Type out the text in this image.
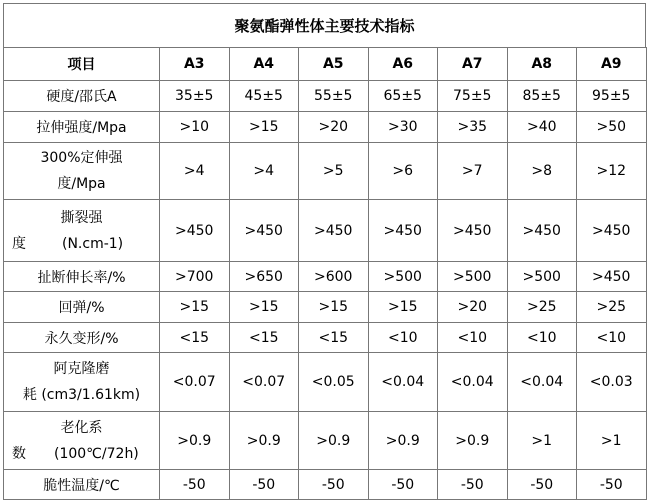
聚氨酯弹性体主要技术指标
项目	A3	A4	A5	A6	A7	A8	A9
硬度/邵氏A	35±5	45±5	55±5	65±5	75±5	85±5	95±5
拉伸强度/Mpa	>10	>15	>20	>30	>35	>40	>50

300%定伸强
度/Mpa	>4	>4	>5	>6	>7	>8	>12

撕裂强
度 (N.cm-1)	>450	>450	>450	>450	>450	>450	>450
扯断伸长率/%	>700	>650	>600	>500	>500	>500	>450
回弹/%	>15	>15	>15	>15	>20	>25	>25
永久变形/%	<15	<15	<15	<10	<10	<10	<10

阿克隆磨
耗 (cm3/1.61km)	<0.07	<0.07	<0.05	<0.04	<0.04	<0.04	<0.03

老化系
数 (100℃/72h)	>0.9	>0.9	>0.9	>0.9	>0.9	>1	>1
脆性温度/℃	-50	-50	-50	-50	-50	-50	-50
